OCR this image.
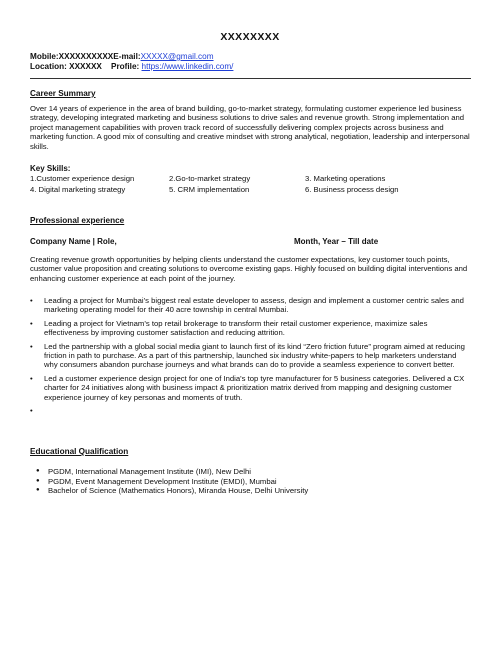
XXXXXXXX
Mobile:XXXXXXXXXXE-mail:XXXXX@gmail.com
Location: XXXXXX Profile: https://www.linkedin.com/
Career Summary
Over 14 years of experience in the area of brand building, go-to-market strategy, formulating customer experience led business strategy, developing integrated marketing and business solutions to drive sales and revenue growth. Strong implementation and project management capabilities with proven track record of successfully delivering complex projects across business and marketing function. A good mix of consulting and creative mindset with strong analytical, negotiation, leadership and interpersonal skills.
Key Skills:
1.Customer experience design	2.Go-to-market strategy	3. Marketing operations
4. Digital marketing strategy	5. CRM implementation	6. Business process design
Professional experience
Company Name | Role,	Month, Year – Till date
Creating revenue growth opportunities by helping clients understand the customer expectations, key customer touch points, customer value proposition and creating solutions to overcome existing gaps. Highly focused on building digital interventions and enhancing customer experience at each point of the journey.
• Leading a project for Mumbai’s biggest real estate developer to assess, design and implement a customer centric sales and marketing operating model for their 40 acre township in central Mumbai.
• Leading a project for Vietnam’s top retail brokerage to transform their retail customer experience, maximize sales effectiveness by improving customer satisfaction and reducing attrition.
• Led the partnership with a global social media giant to launch first of its kind “Zero friction future” program aimed at reducing friction in path to purchase. As a part of this partnership, launched six industry white-papers to help marketers understand why consumers abandon purchase journeys and what brands can do to provide a seamless experience to convert better.
• Led a customer experience design project for one of India's top tyre manufacturer for 5 business categories. Delivered a CX charter for 24 initiatives along with business impact & prioritization matrix derived from mapping and designing customer experience journey of key personas and moments of truth.
•

Educational Qualification
● PGDM, International Management Institute (IMI), New Delhi
● PGDM, Event Management Development Institute (EMDI), Mumbai
● Bachelor of Science (Mathematics Honors), Miranda House, Delhi University
